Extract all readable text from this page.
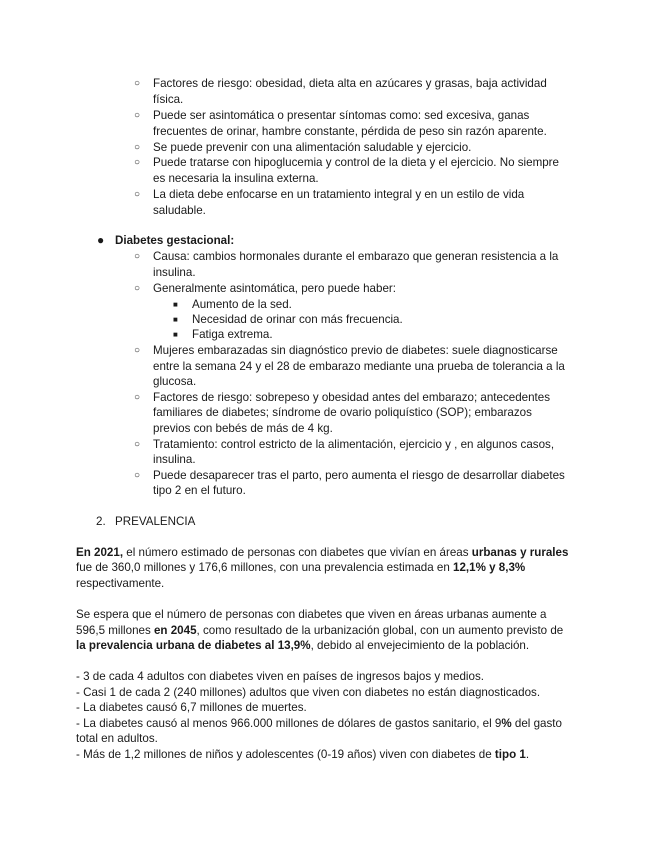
○ Factores de riesgo: obesidad, dieta alta en azúcares y grasas, baja actividad
física.
○ Puede ser asintomática o presentar síntomas como: sed excesiva, ganas
frecuentes de orinar, hambre constante, pérdida de peso sin razón aparente.
○ Se puede prevenir con una alimentación saludable y ejercicio.
○ Puede tratarse con hipoglucemia y control de la dieta y el ejercicio. No siempre
es necesaria la insulina externa.
○ La dieta debe enfocarse en un tratamiento integral y en un estilo de vida
saludable.
● Diabetes gestacional:
○ Causa: cambios hormonales durante el embarazo que generan resistencia a la
insulina.
○ Generalmente asintomática, pero puede haber:
■ Aumento de la sed.
■ Necesidad de orinar con más frecuencia.
■ Fatiga extrema.
○ Mujeres embarazadas sin diagnóstico previo de diabetes: suele diagnosticarse
entre la semana 24 y el 28 de embarazo mediante una prueba de tolerancia a la
glucosa.
○ Factores de riesgo: sobrepeso y obesidad antes del embarazo; antecedentes
familiares de diabetes; síndrome de ovario poliquístico (SOP); embarazos
previos con bebés de más de 4 kg.
○ Tratamiento: control estricto de la alimentación, ejercicio y , en algunos casos,
insulina.
○ Puede desaparecer tras el parto, pero aumenta el riesgo de desarrollar diabetes
tipo 2 en el futuro.
2. PREVALENCIA
En 2021, el número estimado de personas con diabetes que vivían en áreas urbanas y rurales
fue de 360,0 millones y 176,6 millones, con una prevalencia estimada en 12,1% y 8,3%
respectivamente.
Se espera que el número de personas con diabetes que viven en áreas urbanas aumente a
596,5 millones en 2045, como resultado de la urbanización global, con un aumento previsto de
la prevalencia urbana de diabetes al 13,9%, debido al envejecimiento de la población.
- 3 de cada 4 adultos con diabetes viven en países de ingresos bajos y medios.
- Casi 1 de cada 2 (240 millones) adultos que viven con diabetes no están diagnosticados.
- La diabetes causó 6,7 millones de muertes.
- La diabetes causó al menos 966.000 millones de dólares de gastos sanitario, el 9% del gasto
total en adultos.
- Más de 1,2 millones de niños y adolescentes (0-19 años) viven con diabetes de tipo 1.
